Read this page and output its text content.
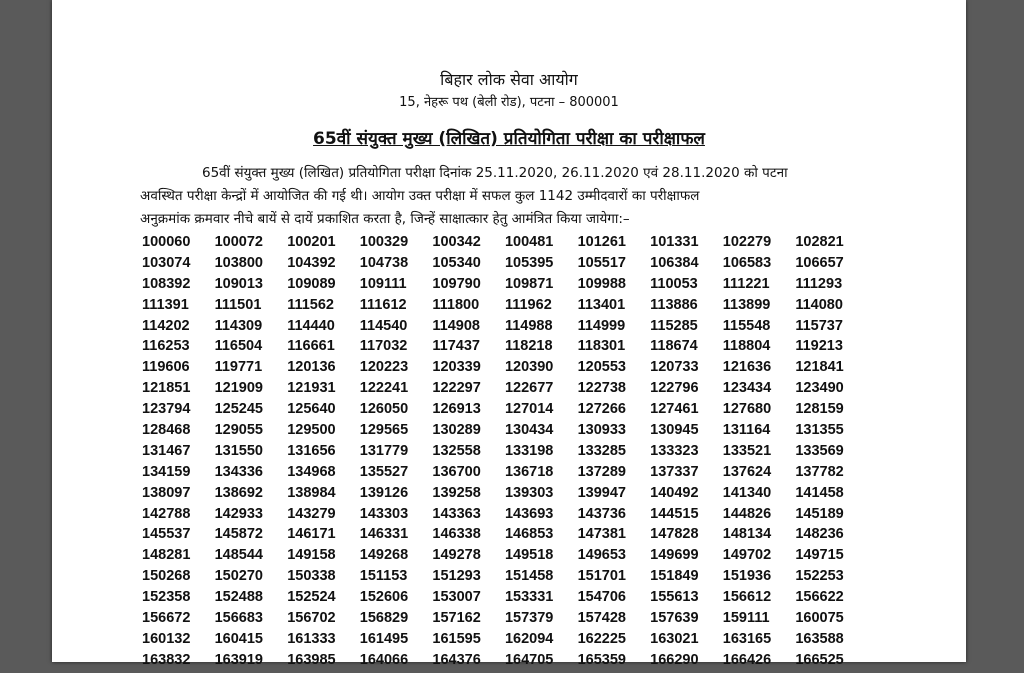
बिहार लोक सेवा आयोग
15, नेहरू पथ (बेली रोड), पटना – 800001
65वीं संयुक्त मुख्य (लिखित) प्रतियोगिता परीक्षा का परीक्षाफल
65वीं संयुक्त मुख्य (लिखित) प्रतियोगिता परीक्षा दिनांक 25.11.2020, 26.11.2020 एवं 28.11.2020 को पटना
अवस्थित परीक्षा केन्द्रों में आयोजित की गई थी। आयोग उक्त परीक्षा में सफल कुल 1142 उम्मीदवारों का परीक्षाफल
अनुक्रमांक क्रमवार नीचे बायें से दायें प्रकाशित करता है, जिन्हें साक्षात्कार हेतु आमंत्रित किया जायेगा:–
100060	100072	100201	100329	100342	100481	101261	101331	102279	102821
103074	103800	104392	104738	105340	105395	105517	106384	106583	106657
108392	109013	109089	109111	109790	109871	109988	110053	111221	111293
111391	111501	111562	111612	111800	111962	113401	113886	113899	114080
114202	114309	114440	114540	114908	114988	114999	115285	115548	115737
116253	116504	116661	117032	117437	118218	118301	118674	118804	119213
119606	119771	120136	120223	120339	120390	120553	120733	121636	121841
121851	121909	121931	122241	122297	122677	122738	122796	123434	123490
123794	125245	125640	126050	126913	127014	127266	127461	127680	128159
128468	129055	129500	129565	130289	130434	130933	130945	131164	131355
131467	131550	131656	131779	132558	133198	133285	133323	133521	133569
134159	134336	134968	135527	136700	136718	137289	137337	137624	137782
138097	138692	138984	139126	139258	139303	139947	140492	141340	141458
142788	142933	143279	143303	143363	143693	143736	144515	144826	145189
145537	145872	146171	146331	146338	146853	147381	147828	148134	148236
148281	148544	149158	149268	149278	149518	149653	149699	149702	149715
150268	150270	150338	151153	151293	151458	151701	151849	151936	152253
152358	152488	152524	152606	153007	153331	154706	155613	156612	156622
156672	156683	156702	156829	157162	157379	157428	157639	159111	160075
160132	160415	161333	161495	161595	162094	162225	163021	163165	163588
163832	163919	163985	164066	164376	164705	165359	166290	166426	166525
